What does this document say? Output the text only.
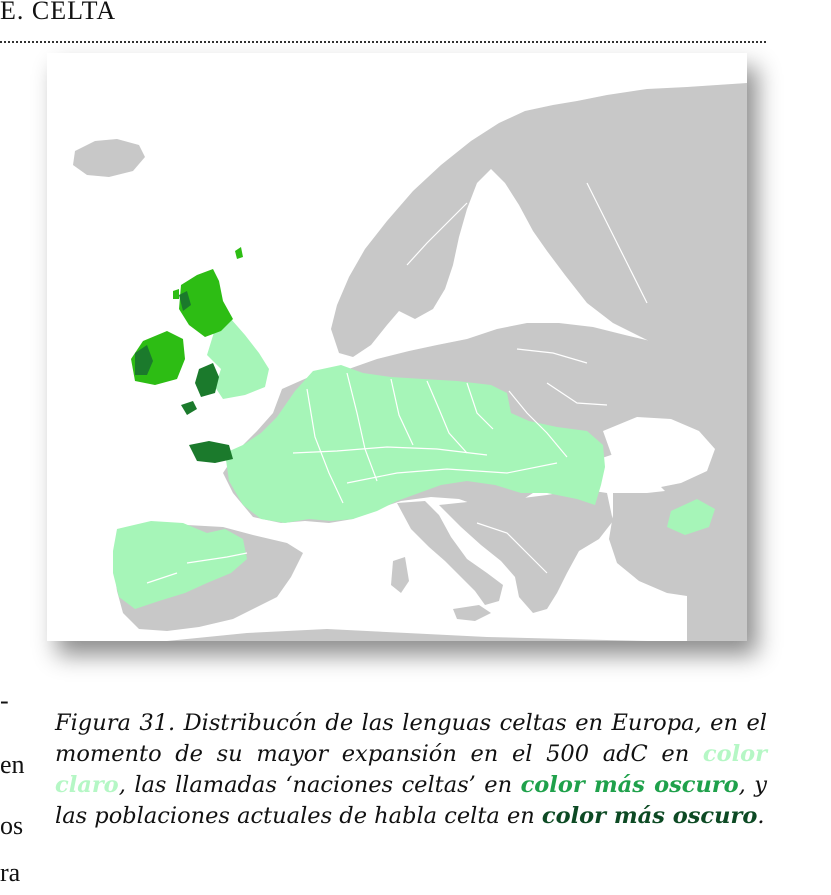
E. CELTA
-
en
os
ra
Figura 31. Distribucón de las lenguas celtas en Europa, en el momento de su mayor expansión en el 500 adC en color claro, las llamadas ‘naciones celtas’ en color más oscuro, y las poblaciones actuales de habla celta en color más oscuro.
